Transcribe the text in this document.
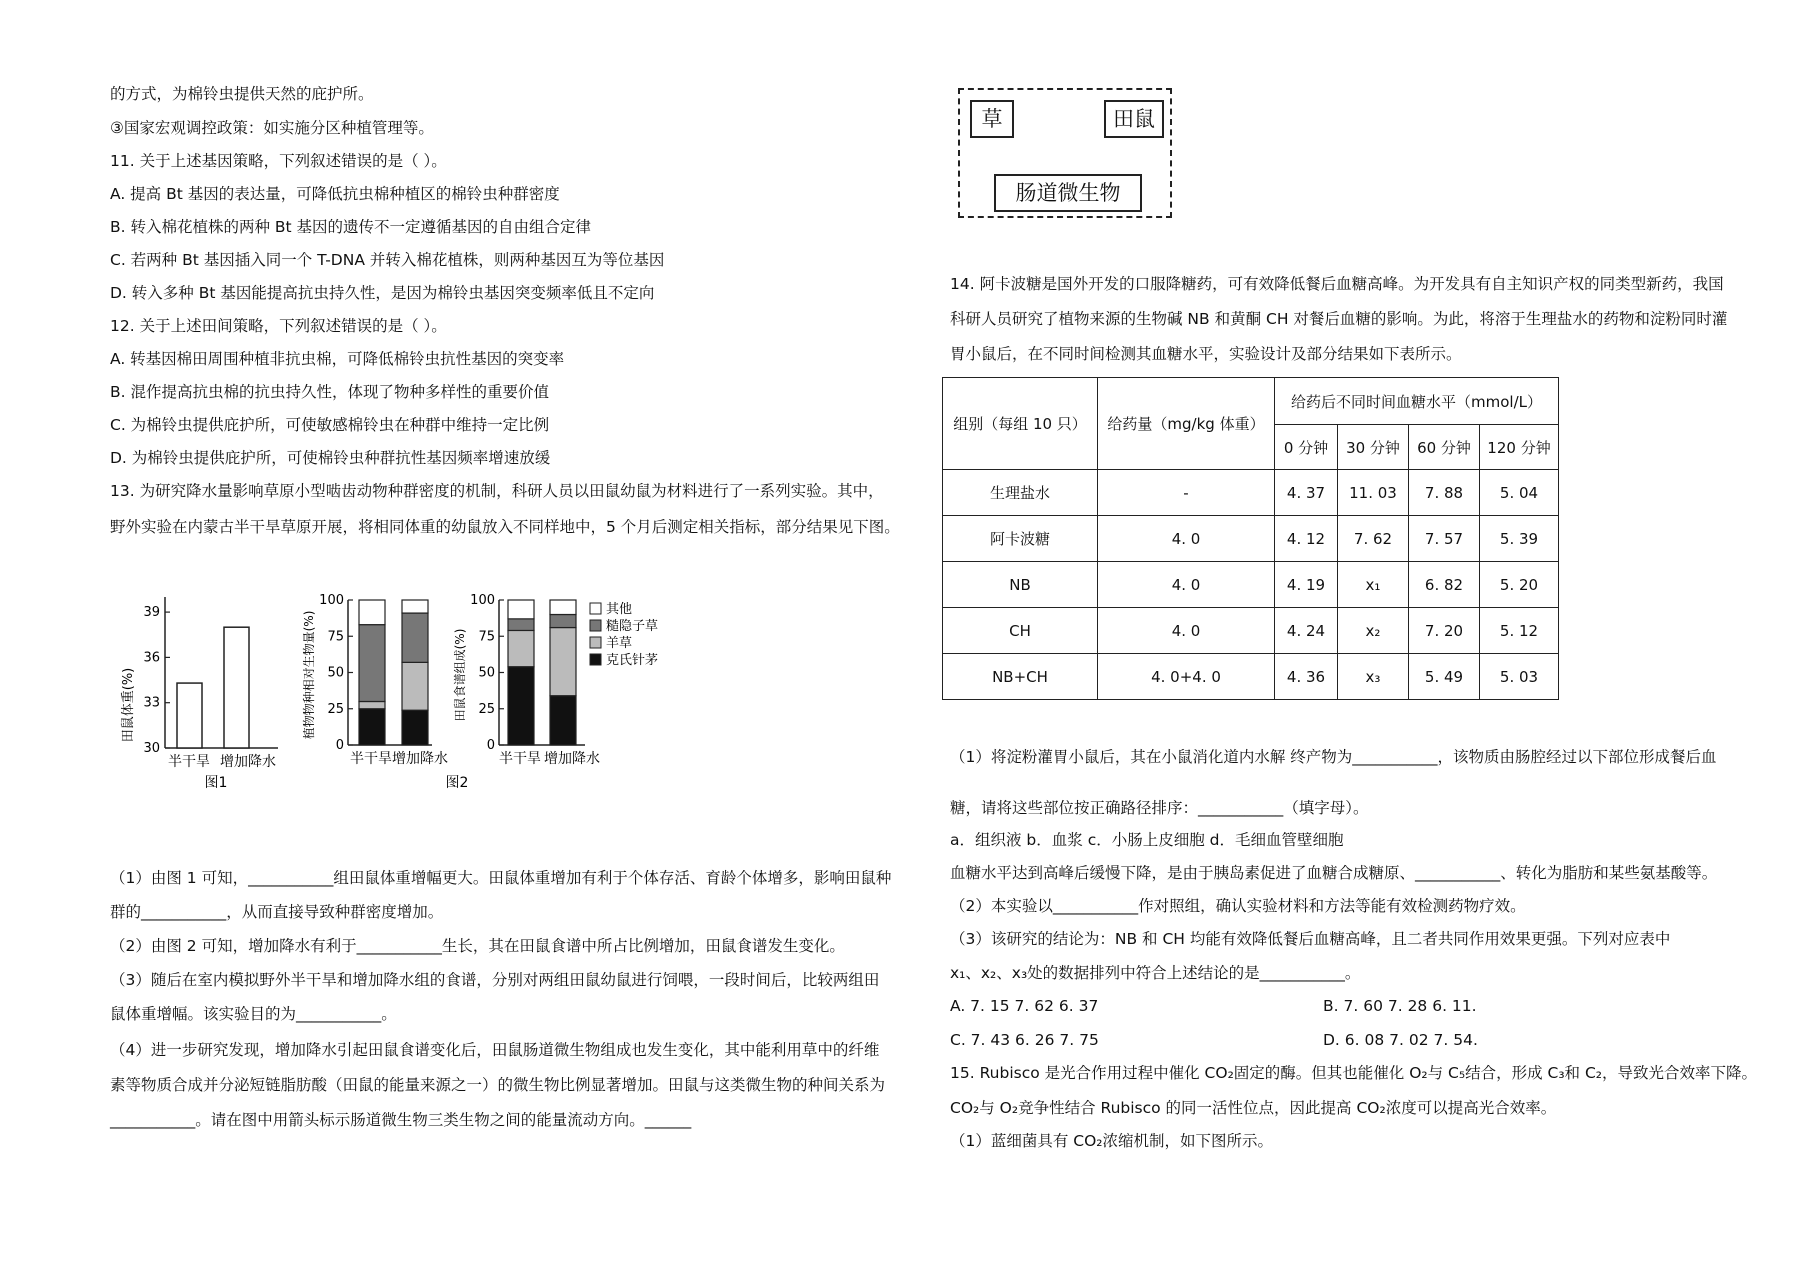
的方式，为棉铃虫提供天然的庇护所。
③国家宏观调控政策：如实施分区种植管理等。
11. 关于上述基因策略，下列叙述错误的是（ ）。
A. 提高 Bt 基因的表达量，可降低抗虫棉种植区的棉铃虫种群密度
B. 转入棉花植株的两种 Bt 基因的遗传不一定遵循基因的自由组合定律
C. 若两种 Bt 基因插入同一个 T-DNA 并转入棉花植株，则两种基因互为等位基因
D. 转入多种 Bt 基因能提高抗虫持久性，是因为棉铃虫基因突变频率低且不定向
12. 关于上述田间策略，下列叙述错误的是（ ）。
A. 转基因棉田周围种植非抗虫棉，可降低棉铃虫抗性基因的突变率
B. 混作提高抗虫棉的抗虫持久性，体现了物种多样性的重要价值
C. 为棉铃虫提供庇护所，可使敏感棉铃虫在种群中维持一定比例
D. 为棉铃虫提供庇护所，可使棉铃虫种群抗性基因频率增速放缓
13. 为研究降水量影响草原小型啮齿动物种群密度的机制，科研人员以田鼠幼鼠为材料进行了一系列实验。其中，
野外实验在内蒙古半干旱草原开展，将相同体重的幼鼠放入不同样地中，5 个月后测定相关指标，部分结果见下图。
田鼠体重(%)
39
36
33
30
半干旱 增加降水
图1
植物物种相对生物量(%)
100
75
50
25
0
半干旱 增加降水
田鼠食谱组成(%)
100
75
50
25
0
半干旱 增加降水
图2
其他
糙隐子草
羊草
克氏针茅
（1）由图 1 可知，___________组田鼠体重增幅更大。田鼠体重增加有利于个体存活、育龄个体增多，影响田鼠种
群的___________，从而直接导致种群密度增加。
（2）由图 2 可知，增加降水有利于___________生长，其在田鼠食谱中所占比例增加，田鼠食谱发生变化。
（3）随后在室内模拟野外半干旱和增加降水组的食谱，分别对两组田鼠幼鼠进行饲喂，一段时间后，比较两组田
鼠体重增幅。该实验目的为___________。
（4）进一步研究发现，增加降水引起田鼠食谱变化后，田鼠肠道微生物组成也发生变化，其中能利用草中的纤维
素等物质合成并分泌短链脂肪酸（田鼠的能量来源之一）的微生物比例显著增加。田鼠与这类微生物的种间关系为
___________。请在图中用箭头标示肠道微生物三类生物之间的能量流动方向。______
草	田鼠
肠道微生物
14. 阿卡波糖是国外开发的口服降糖药，可有效降低餐后血糖高峰。为开发具有自主知识产权的同类型新药，我国
科研人员研究了植物来源的生物碱 NB 和黄酮 CH 对餐后血糖的影响。为此，将溶于生理盐水的药物和淀粉同时灌
胃小鼠后，在不同时间检测其血糖水平，实验设计及部分结果如下表所示。
组别（每组 10 只）	给药量（mg/kg 体重）	给药后不同时间血糖水平（mmol/L）			
		0 分钟	30 分钟	60 分钟	120 分钟
生理盐水	-	4. 37	11. 03	7. 88	5. 04
阿卡波糖	4. 0	4. 12	7. 62	7. 57	5. 39
NB	4. 0	4. 19	x₁	6. 82	5. 20
CH	4. 0	4. 24	x₂	7. 20	5. 12
NB+CH	4. 0+4. 0	4. 36	x₃	5. 49	5. 03
（1）将淀粉灌胃小鼠后，其在小鼠消化道内水解 终产物为___________，该物质由肠腔经过以下部位形成餐后血
糖，请将这些部位按正确路径排序：___________（填字母）。
a．组织液 b．血浆 c．小肠上皮细胞 d．毛细血管壁细胞
血糖水平达到高峰后缓慢下降，是由于胰岛素促进了血糖合成糖原、___________、转化为脂肪和某些氨基酸等。
（2）本实验以___________作对照组，确认实验材料和方法等能有效检测药物疗效。
（3）该研究的结论为：NB 和 CH 均能有效降低餐后血糖高峰，且二者共同作用效果更强。下列对应表中
x₁、x₂、x₃处的数据排列中符合上述结论的是___________。
A. 7. 15 7. 62 6. 37	B. 7. 60 7. 28 6. 11.
C. 7. 43 6. 26 7. 75	D. 6. 08 7. 02 7. 54.
15. Rubisco 是光合作用过程中催化 CO₂固定的酶。但其也能催化 O₂与 C₅结合，形成 C₃和 C₂，导致光合效率下降。
CO₂与 O₂竞争性结合 Rubisco 的同一活性位点，因此提高 CO₂浓度可以提高光合效率。
（1）蓝细菌具有 CO₂浓缩机制，如下图所示。
